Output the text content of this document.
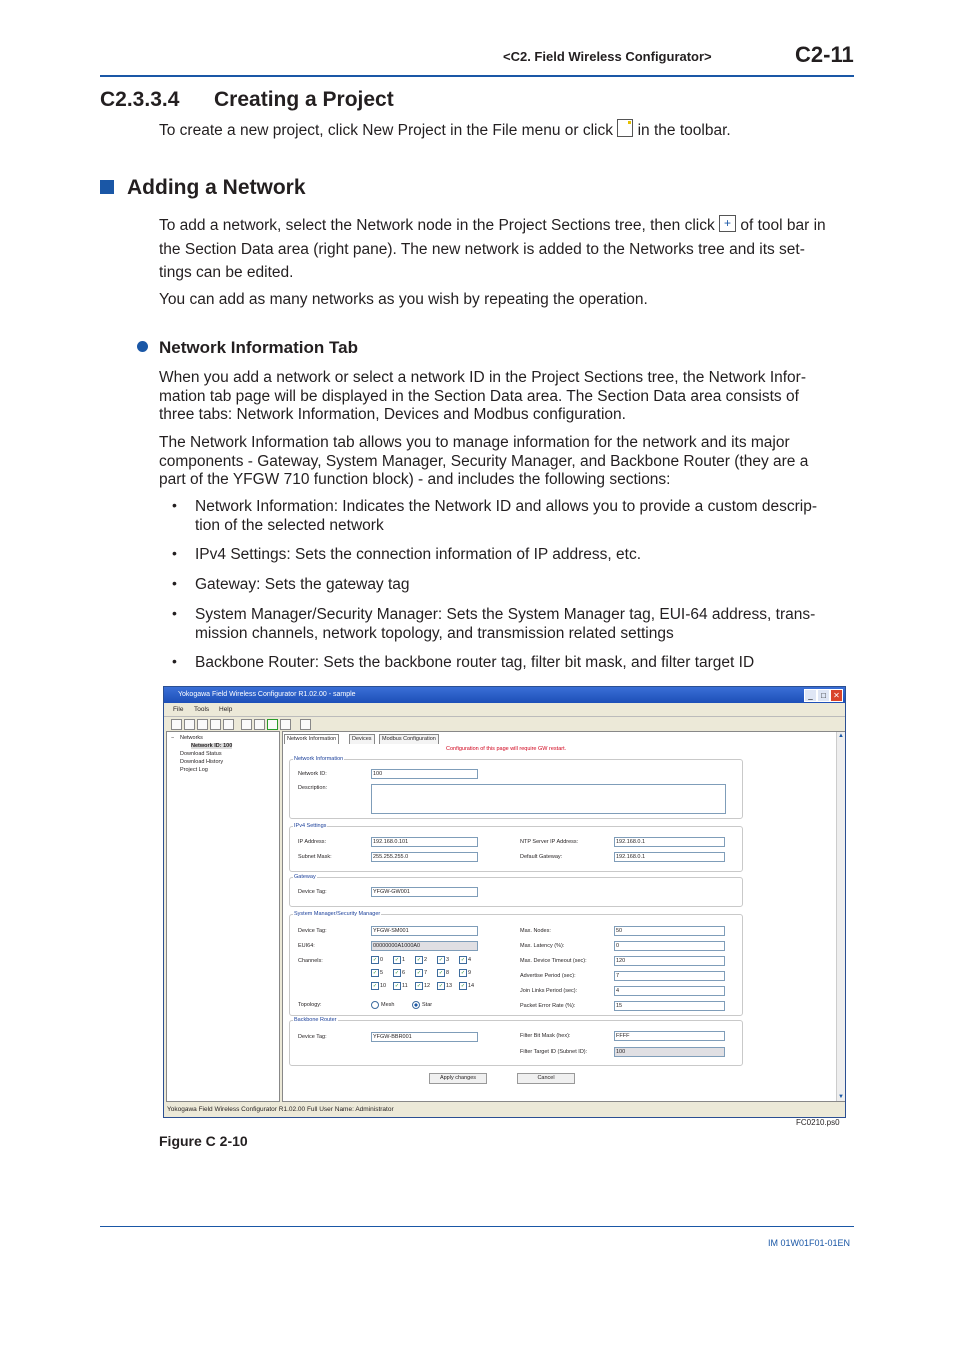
<C2. Field Wireless Configurator>	C2-11
C2.3.3.4 Creating a Project
To create a new project, click New Project in the File menu or click in the toolbar.
Adding a Network
To add a network, select the Network node in the Project Sections tree, then click + of tool bar in
the Section Data area (right pane). The new network is added to the Networks tree and its set-
tings can be edited.
You can add as many networks as you wish by repeating the operation.
Network Information Tab
When you add a network or select a network ID in the Project Sections tree, the Network Infor-
mation tab page will be displayed in the Section Data area. The Section Data area consists of
three tabs: Network Information, Devices and Modbus configuration.
The Network Information tab allows you to manage information for the network and its major
components - Gateway, System Manager, Security Manager, and Backbone Router (they are a
part of the YFGW 710 function block) - and includes the following sections:
• Network Information: Indicates the Network ID and allows you to provide a custom descrip-
tion of the selected network
• IPv4 Settings: Sets the connection information of IP address, etc.
• Gateway: Sets the gateway tag
• System Manager/Security Manager: Sets the System Manager tag, EUI-64 address, trans-
mission channels, network topology, and transmission related settings
• Backbone Router: Sets the backbone router tag, filter bit mask, and filter target ID
Yokogawa Field Wireless Configurator R1.02.00 - sample	_	□ ✕
File Tools Help
− Networks
Network ID: 100
Download Status
Download History
Project Log
Network Information	Devices	Modbus Configuration
Configuration of this page will require GW restart.
Network Information
Network ID:	100
Description:
IPv4 Settings
IP Address:	192.168.0.101
Subnet Mask:	255.255.255.0
NTP Server IP Address:	192.168.0.1
Default Gateway:	192.168.0.1
Gateway
Device Tag:	YFGW-GW001
System Manager/Security Manager
Device Tag:	YFGW-SM001
EUI64:	00000000A1000A0
Channels:	✓ 0	✓ 1	✓ 2	✓ 3	✓ 4
✓ 5	✓ 6	✓ 7	✓ 8	✓ 9
✓ 10	✓ 11	✓ 12	✓ 13	✓ 14
Topology:	Mesh	Star
Max. Nodes:	50
Max. Latency (%):	0
Max. Device Timeout (sec):	120
Advertise Period (sec):	7
Join Links Period (sec):	4
Packet Error Rate (%):	15
Backbone Router
Device Tag:	YFGW-BBR001	Filter Bit Mask (hex):	FFFF
Filter Target ID (Subnet ID):	100
Apply changes	Cancel
▲
▼
Yokogawa Field Wireless Configurator R1.02.00 Full User Name: Administrator
FC0210.ps0
Figure C 2-10
IM 01W01F01-01EN
